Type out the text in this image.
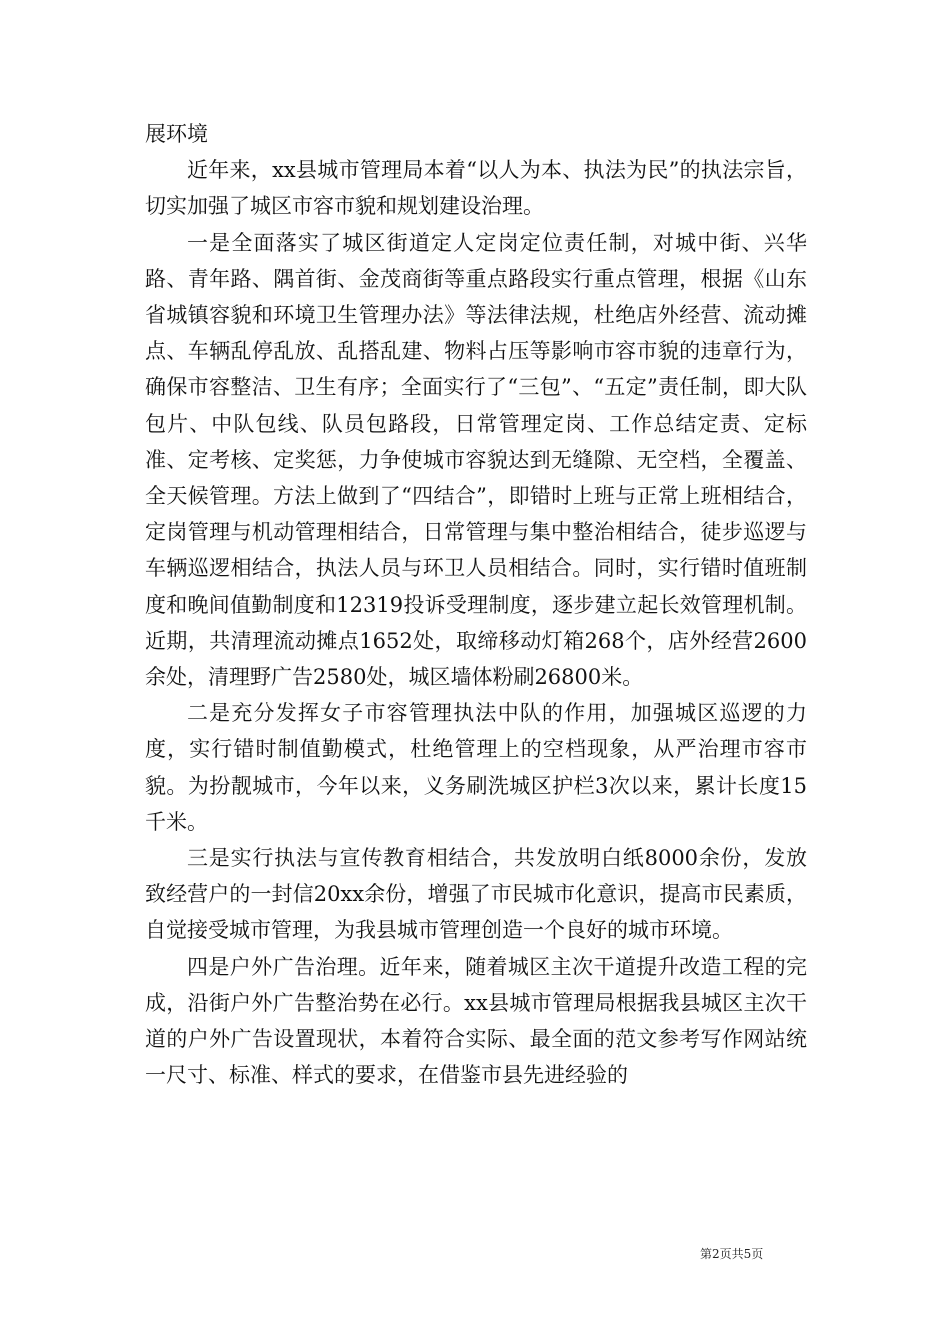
展环境

近年来，xx县城市管理局本着“以人为本、执法为民”的执法宗旨，切实加强了城区市容市貌和规划建设治理。

一是全面落实了城区街道定人定岗定位责任制，对城中街、兴华路、青年路、隅首街、金茂商街等重点路段实行重点管理，根据《山东省城镇容貌和环境卫生管理办法》等法律法规，杜绝店外经营、流动摊点、车辆乱停乱放、乱搭乱建、物料占压等影响市容市貌的违章行为，确保市容整洁、卫生有序；全面实行了“三包”、“五定”责任制，即大队包片、中队包线、队员包路段，日常管理定岗、工作总结定责、定标准、定考核、定奖惩，力争使城市容貌达到无缝隙、无空档，全覆盖、全天候管理。方法上做到了“四结合”，即错时上班与正常上班相结合，定岗管理与机动管理相结合，日常管理与集中整治相结合，徒步巡逻与车辆巡逻相结合，执法人员与环卫人员相结合。同时，实行错时值班制度和晚间值勤制度和12319投诉受理制度，逐步建立起长效管理机制。近期，共清理流动摊点1652处，取缔移动灯箱268个，店外经营2600余处，清理野广告2580处，城区墙体粉刷26800米。

二是充分发挥女子市容管理执法中队的作用，加强城区巡逻的力度，实行错时制值勤模式，杜绝管理上的空档现象，从严治理市容市貌。为扮靓城市，今年以来，义务刷洗城区护栏3次以来，累计长度15千米。

三是实行执法与宣传教育相结合，共发放明白纸8000余份，发放致经营户的一封信20xx余份，增强了市民城市化意识，提高市民素质，自觉接受城市管理，为我县城市管理创造一个良好的城市环境。

四是户外广告治理。近年来，随着城区主次干道提升改造工程的完成，沿街户外广告整治势在必行。xx县城市管理局根据我县城区主次干道的户外广告设置现状，本着符合实际、最全面的范文参考写作网站统一尺寸、标准、样式的要求，在借鉴市县先进经验的

第2页共5页
